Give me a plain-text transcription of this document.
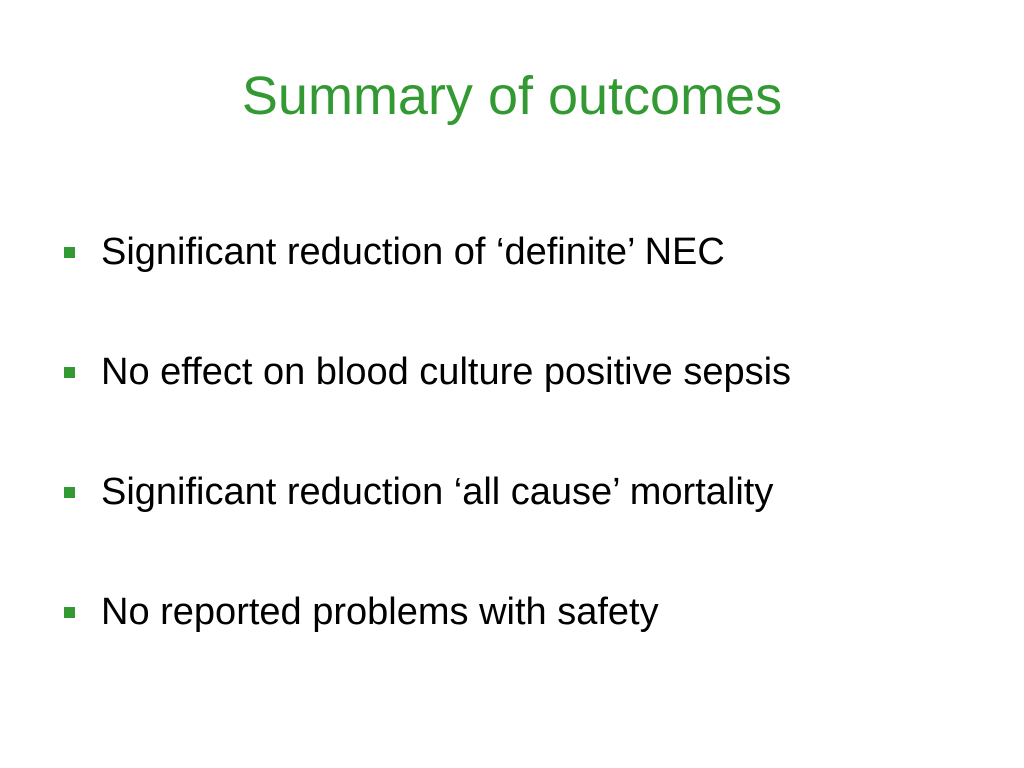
Summary of outcomes
Significant reduction of ‘definite’ NEC
No effect on blood culture positive sepsis
Significant reduction ‘all cause’ mortality
No reported problems with safety
